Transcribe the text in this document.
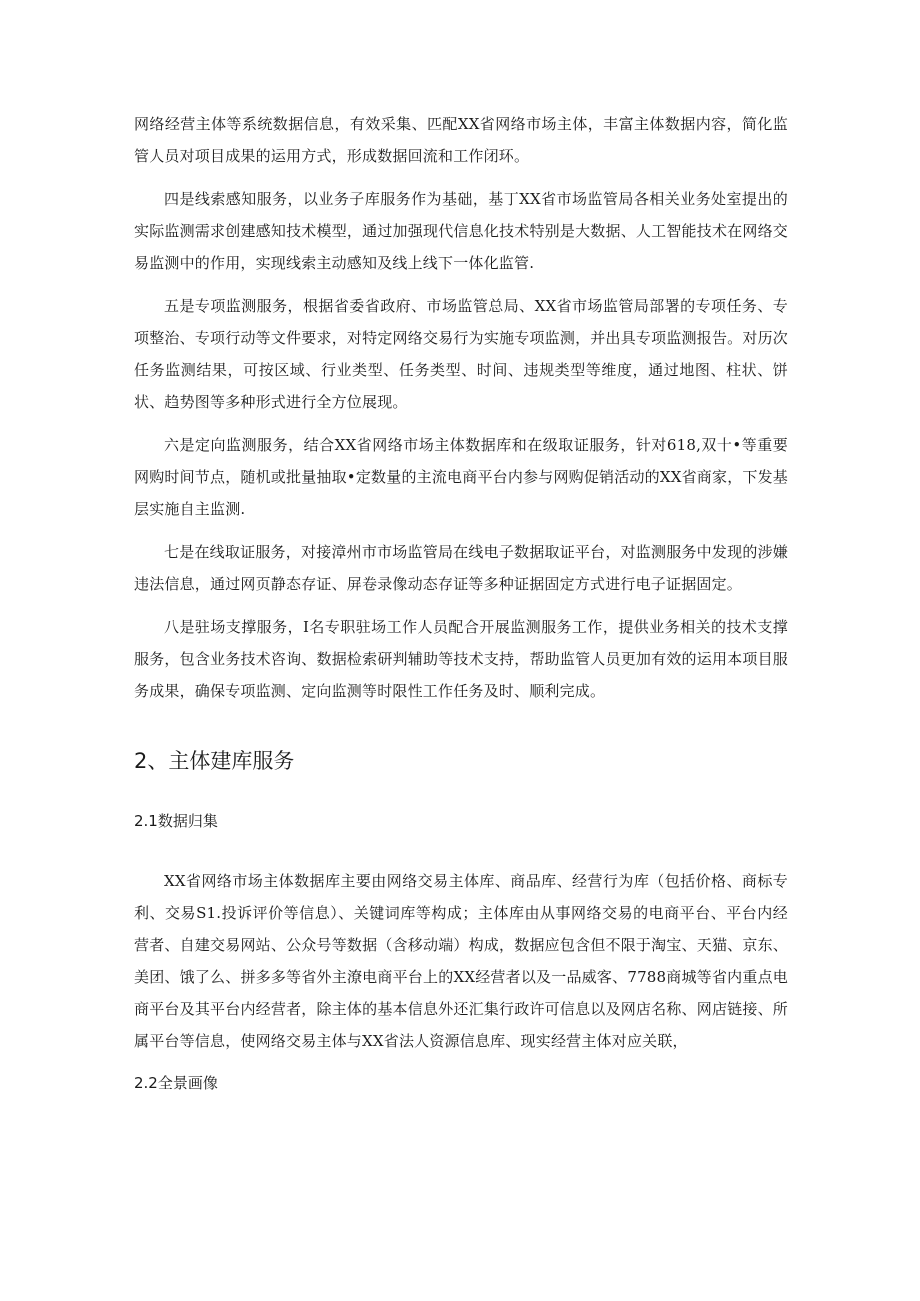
网络经营主体等系统数据信息，有效采集、匹配XX省网络市场主体，丰富主体数据内容，简化监管人员对项目成果的运用方式，形成数据回流和工作闭环。

四是线索感知服务，以业务子库服务作为基础，基丁XX省市场监管局各相关业务处室提出的实际监测需求创建感知技术模型，通过加强现代信息化技术特别是大数据、人工智能技术在网络交易监测中的作用，实现线索主动感知及线上线下一体化监管.

五是专项监测服务，根据省委省政府、市场监管总局、XX省市场监管局部署的专项任务、专项整治、专项行动等文件要求，对特定网络交易行为实施专项监测，并出具专项监测报告。对历次任务监测结果，可按区域、行业类型、任务类型、时间、违规类型等维度，通过地图、柱状、饼状、趋势图等多种形式进行全方位展现。

六是定向监测服务，结合XX省网络市场主体数据库和在级取证服务，针对618,双十•等重要网购时间节点，随机或批量抽取•定数量的主流电商平台内参与网购促销活动的XX省商家，下发基层实施自主监测.

七是在线取证服务，对接漳州市市场监管局在线电子数据取证平台，对监测服务中发现的涉嫌违法信息，通过网页静态存证、屏卷录像动态存证等多种证据固定方式进行电子证据固定。

八是驻场支撑服务，I名专职驻场工作人员配合开展监测服务工作，提供业务相关的技术支撑服务，包含业务技术咨询、数据检索研判辅助等技术支持，帮助监管人员更加有效的运用本项目服务成果，确保专项监测、定向监测等时限性工作任务及时、顺利完成。

2、主体建库服务
2.1数据归集

XX省网络市场主体数据库主要由网络交易主体库、商品库、经营行为库（包括价格、商标专利、交易S1.投诉评价等信息）、关键词库等构成；主体库由从事网络交易的电商平台、平台内经营者、自建交易网站、公众号等数据（含移动端）构成，数据应包含但不限于淘宝、天猫、京东、美团、饿了么、拼多多等省外主潦电商平台上的XX经营者以及一品威客、7788商城等省内重点电商平台及其平台内经营者，除主体的基本信息外还汇集行政许可信息以及网店名称、网店链接、所属平台等信息，使网络交易主体与XX省法人资源信息库、现实经营主体对应关联，

2.2全景画像
